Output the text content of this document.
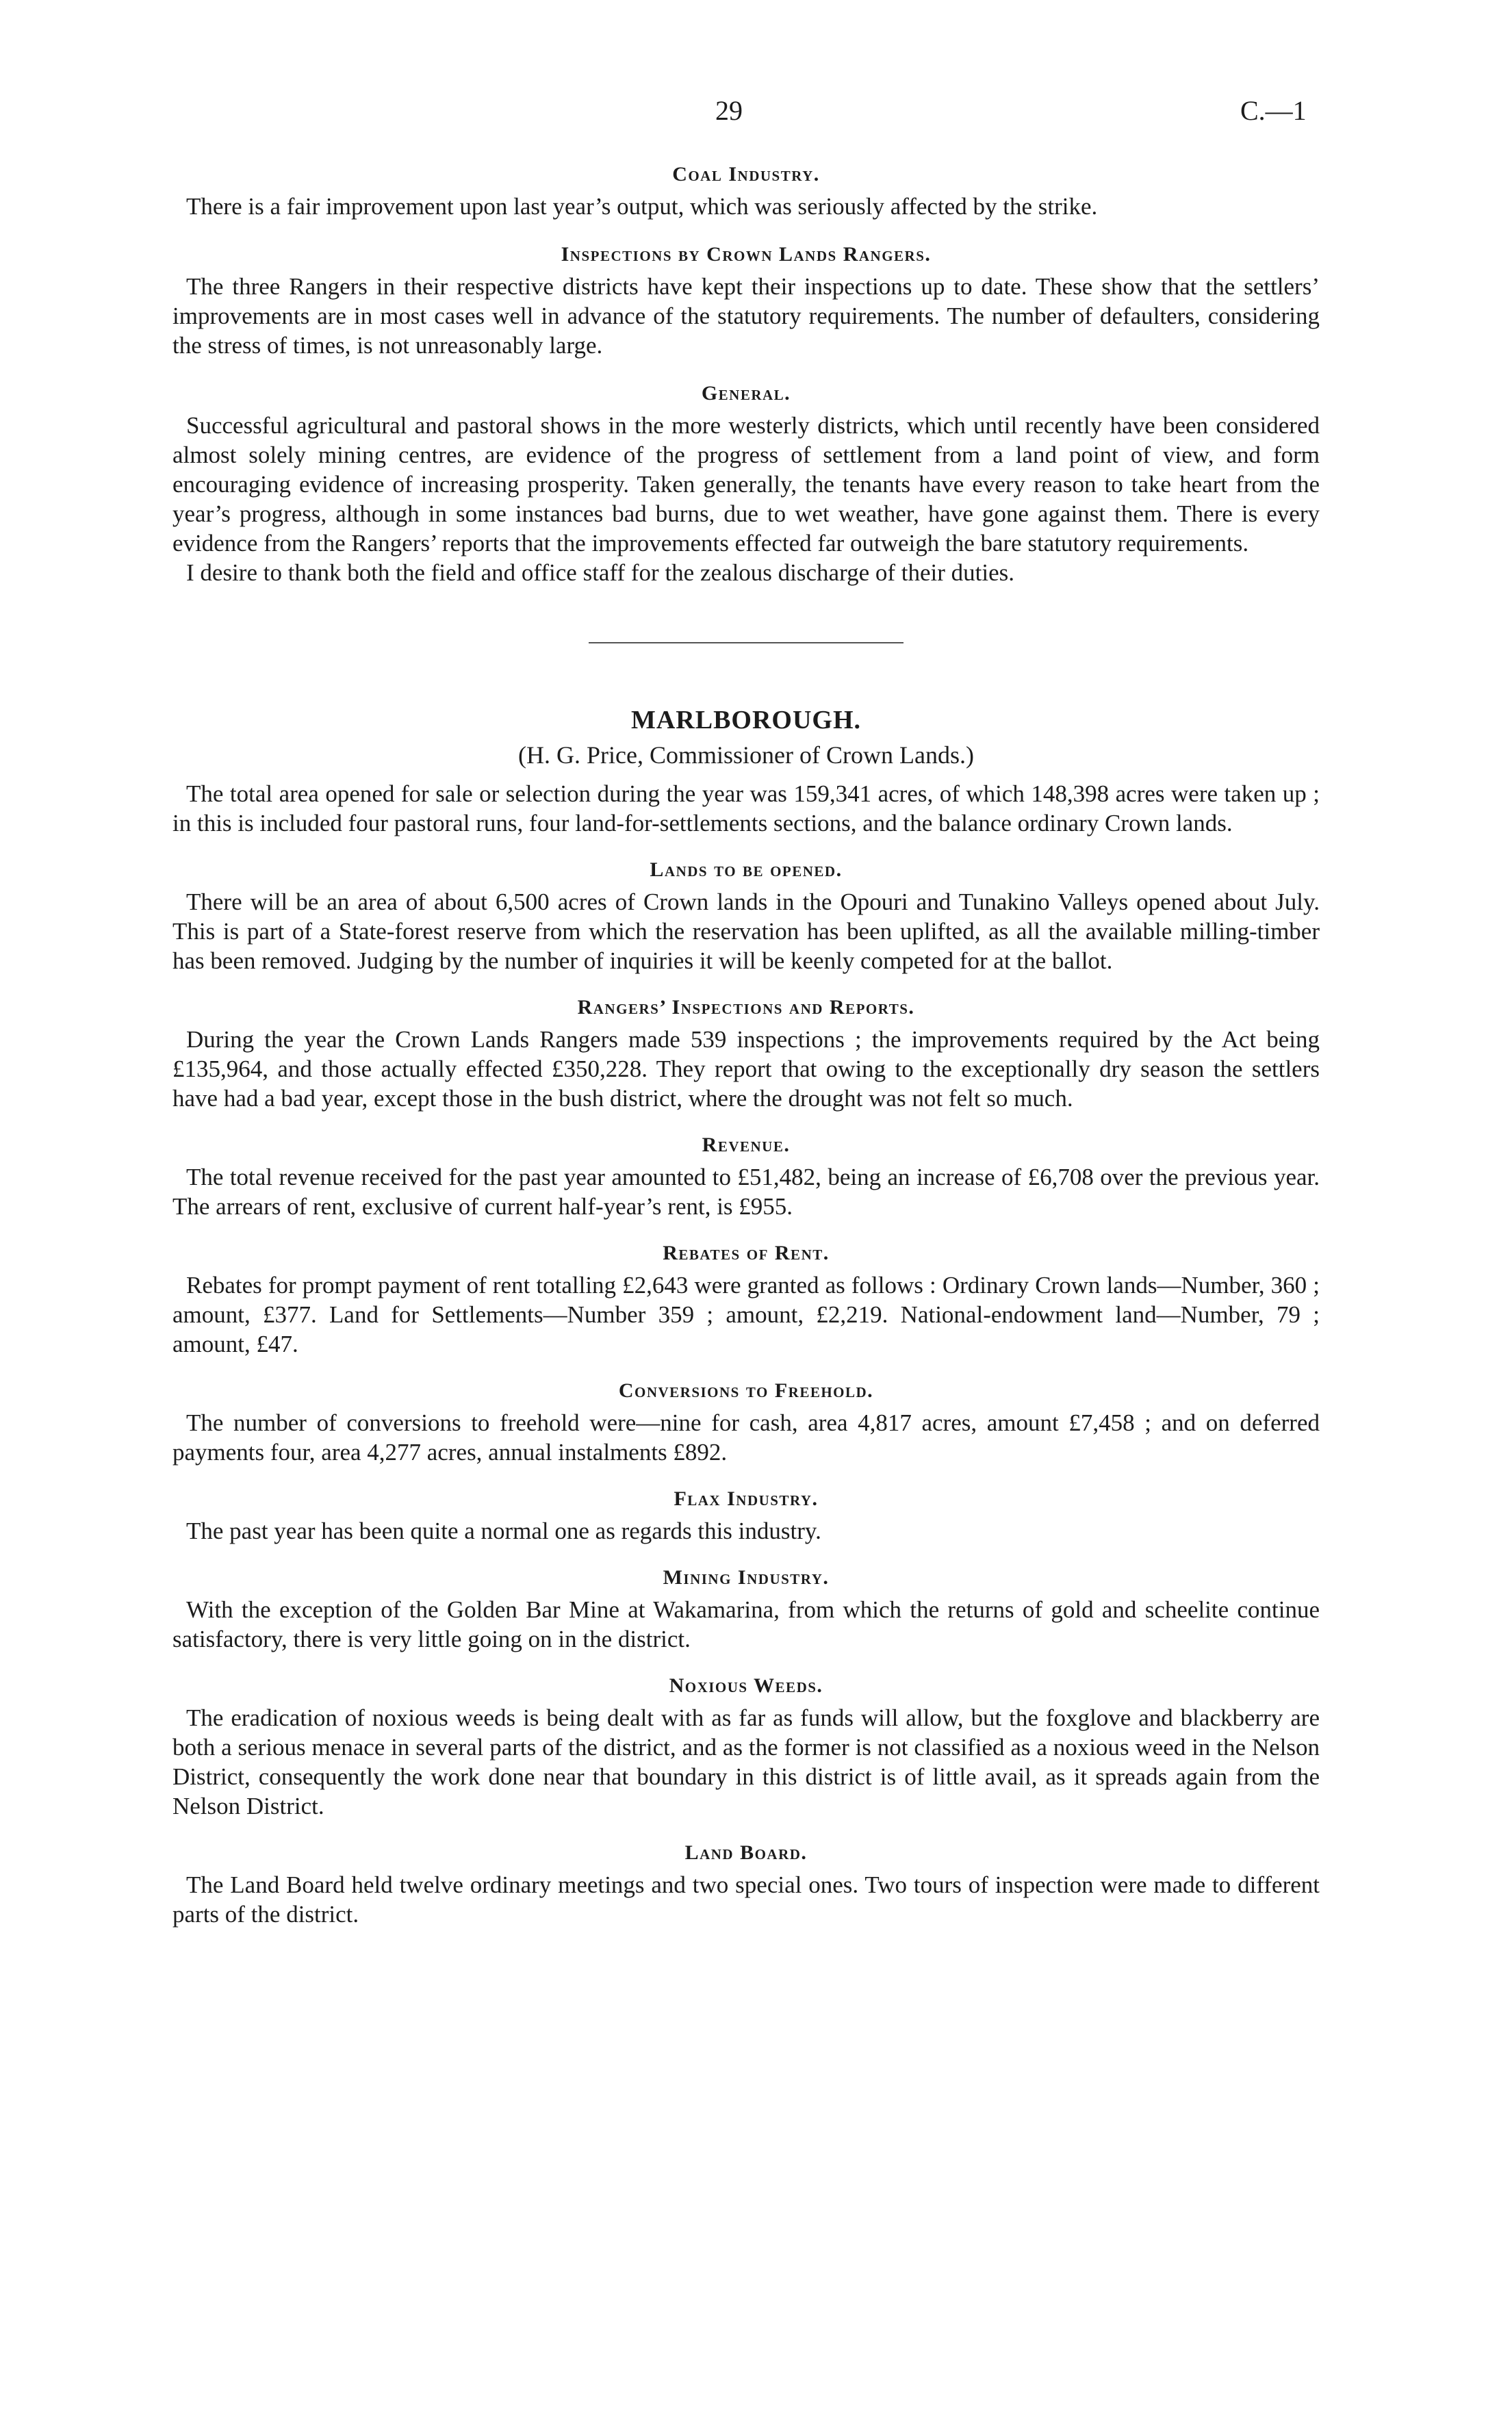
29	C.—1
Coal Industry.

There is a fair improvement upon last year’s output, which was seriously affected by the strike.

Inspections by Crown Lands Rangers.

The three Rangers in their respective districts have kept their inspections up to date. These show that the settlers’ improvements are in most cases well in advance of the statutory requirements. The number of defaulters, considering the stress of times, is not unreasonably large.

General.

Successful agricultural and pastoral shows in the more westerly districts, which until recently have been considered almost solely mining centres, are evidence of the progress of settlement from a land point of view, and form encouraging evidence of increasing prosperity. Taken generally, the tenants have every reason to take heart from the year’s progress, although in some instances bad burns, due to wet weather, have gone against them. There is every evidence from the Rangers’ reports that the improvements effected far outweigh the bare statutory requirements.

I desire to thank both the field and office staff for the zealous discharge of their duties.

MARLBOROUGH.

(H. G. Price, Commissioner of Crown Lands.)

The total area opened for sale or selection during the year was 159,341 acres, of which 148,398 acres were taken up ; in this is included four pastoral runs, four land-for-settlements sections, and the balance ordinary Crown lands.

Lands to be opened.

There will be an area of about 6,500 acres of Crown lands in the Opouri and Tunakino Valleys opened about July. This is part of a State-forest reserve from which the reservation has been uplifted, as all the available milling-timber has been removed. Judging by the number of inquiries it will be keenly competed for at the ballot.

Rangers’ Inspections and Reports.

During the year the Crown Lands Rangers made 539 inspections ; the improvements required by the Act being £135,964, and those actually effected £350,228. They report that owing to the exceptionally dry season the settlers have had a bad year, except those in the bush district, where the drought was not felt so much.

Revenue.

The total revenue received for the past year amounted to £51,482, being an increase of £6,708 over the previous year. The arrears of rent, exclusive of current half-year’s rent, is £955.

Rebates of Rent.

Rebates for prompt payment of rent totalling £2,643 were granted as follows : Ordinary Crown lands—Number, 360 ; amount, £377. Land for Settlements—Number 359 ; amount, £2,219. National-endowment land—Number, 79 ; amount, £47.

Conversions to Freehold.

The number of conversions to freehold were—nine for cash, area 4,817 acres, amount £7,458 ; and on deferred payments four, area 4,277 acres, annual instalments £892.

Flax Industry.

The past year has been quite a normal one as regards this industry.

Mining Industry.

With the exception of the Golden Bar Mine at Wakamarina, from which the returns of gold and scheelite continue satisfactory, there is very little going on in the district.

Noxious Weeds.

The eradication of noxious weeds is being dealt with as far as funds will allow, but the foxglove and blackberry are both a serious menace in several parts of the district, and as the former is not classified as a noxious weed in the Nelson District, consequently the work done near that boundary in this district is of little avail, as it spreads again from the Nelson District.

Land Board.

The Land Board held twelve ordinary meetings and two special ones. Two tours of inspection were made to different parts of the district.
